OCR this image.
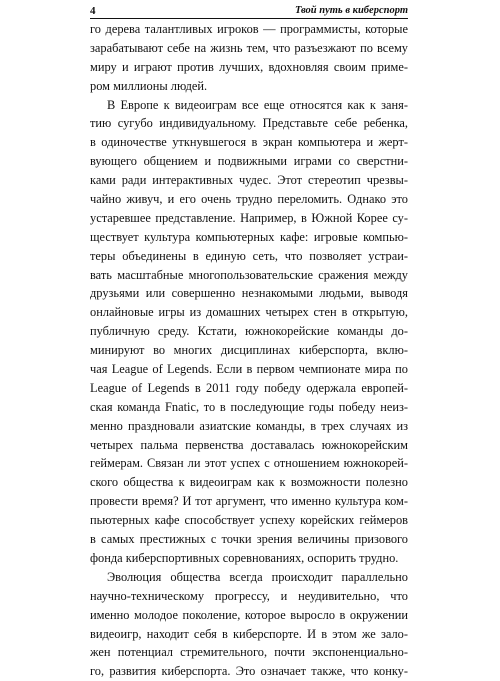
4	Твой путь в киберспорт
го дерева талантливых игроков — программисты, которые
зарабатывают себе на жизнь тем, что разъезжают по всему
миру и играют против лучших, вдохновляя своим приме-
ром миллионы людей.
В Европе к видеоиграм все еще относятся как к заня-
тию сугубо индивидуальному. Представьте себе ребенка,
в одиночестве уткнувшегося в экран компьютера и жерт-
вующего общением и подвижными играми со сверстни-
ками ради интерактивных чудес. Этот стереотип чрезвы-
чайно живуч, и его очень трудно переломить. Однако это
устаревшее представление. Например, в Южной Корее су-
ществует культура компьютерных кафе: игровые компью-
теры объединены в единую сеть, что позволяет устраи-
вать масштабные многопользовательские сражения между
друзьями или совершенно незнакомыми людьми, выводя
онлайновые игры из домашних четырех стен в открытую,
публичную среду. Кстати, южнокорейские команды до-
минируют во многих дисциплинах киберспорта, вклю-
чая League of Legends. Если в первом чемпионате мира по
League of Legends в 2011 году победу одержала европей-
ская команда Fnatic, то в последующие годы победу неиз-
менно праздновали азиатские команды, в трех случаях из
четырех пальма первенства доставалась южнокорейским
геймерам. Связан ли этот успех с отношением южнокорей-
ского общества к видеоиграм как к возможности полезно
провести время? И тот аргумент, что именно культура ком-
пьютерных кафе способствует успеху корейских геймеров
в самых престижных с точки зрения величины призового
фонда киберспортивных соревнованиях, оспорить трудно.
Эволюция общества всегда происходит параллельно
научно-техническому прогрессу, и неудивительно, что
именно молодое поколение, которое выросло в окружении
видеоигр, находит себя в киберспорте. И в этом же зало-
жен потенциал стремительного, почти экспоненциально-
го, развития киберспорта. Это означает также, что конку-
